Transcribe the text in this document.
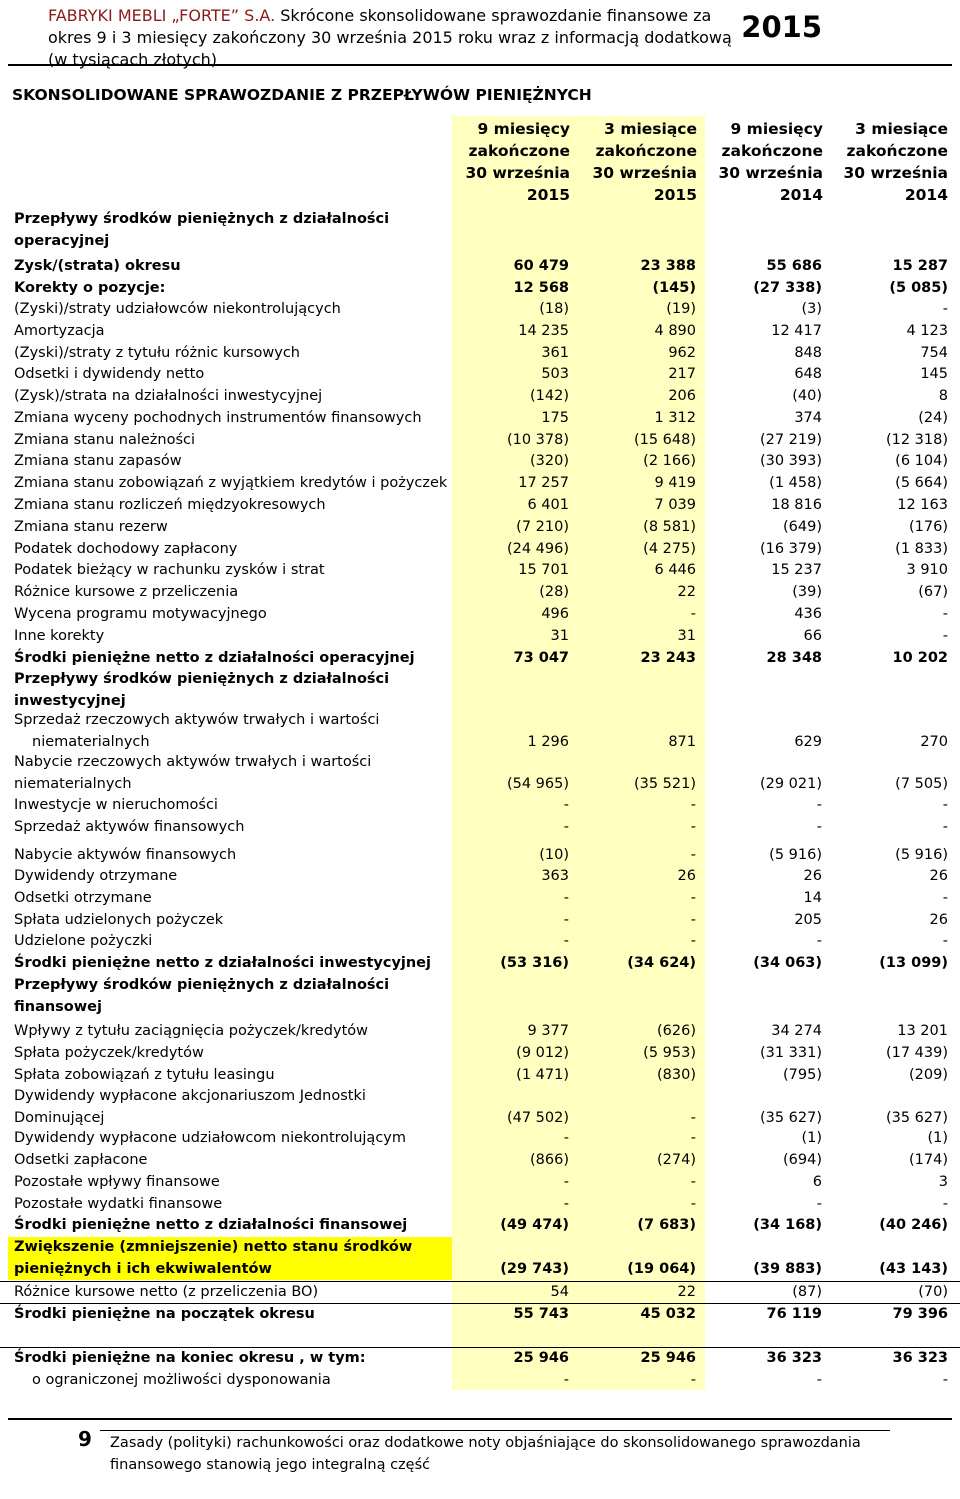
FABRYKI MEBLI „FORTE” S.A. Skrócone skonsolidowane sprawozdanie finansowe za okres 9 i 3 miesięcy zakończony 30 września 2015 roku wraz z informacją dodatkową (w tysiącach złotych)
2015
SKONSOLIDOWANE SPRAWOZDANIE Z PRZEPŁYWÓW PIENIĘŻNYCH
9 miesięcy
zakończone
30 września
2015
3 miesiące
zakończone
30 września
2015
9 miesięcy
zakończone
30 września
2014
3 miesiące
zakończone
30 września
2014
Przepływy środków pieniężnych z działalności operacyjnej
Zysk/(strata) okresu	60 479	23 388	55 686	15 287
Korekty o pozycje:	12 568	(145)	(27 338)	(5 085)
(Zyski)/straty udziałowców niekontrolujących	(18)	(19)	(3)	-
Amortyzacja	14 235	4 890	12 417	4 123
(Zyski)/straty z tytułu różnic kursowych	361	962	848	754
Odsetki i dywidendy netto	503	217	648	145
(Zysk)/strata na działalności inwestycyjnej	(142)	206	(40)	8
Zmiana wyceny pochodnych instrumentów finansowych	175	1 312	374	(24)
Zmiana stanu należności	(10 378)	(15 648)	(27 219)	(12 318)
Zmiana stanu zapasów	(320)	(2 166)	(30 393)	(6 104)
Zmiana stanu zobowiązań z wyjątkiem kredytów i pożyczek	17 257	9 419	(1 458)	(5 664)
Zmiana stanu rozliczeń międzyokresowych	6 401	7 039	18 816	12 163
Zmiana stanu rezerw	(7 210)	(8 581)	(649)	(176)
Podatek dochodowy zapłacony	(24 496)	(4 275)	(16 379)	(1 833)
Podatek bieżący w rachunku zysków i strat	15 701	6 446	15 237	3 910
Różnice kursowe z przeliczenia	(28)	22	(39)	(67)
Wycena programu motywacyjnego	496	-	436	-
Inne korekty	31	31	66	-
Środki pieniężne netto z działalności operacyjnej	73 047	23 243	28 348	10 202
Przepływy środków pieniężnych z działalności inwestycyjnej
Sprzedaż rzeczowych aktywów trwałych i wartości
niematerialnych	1 296	871	629	270
Nabycie rzeczowych aktywów trwałych i wartości
niematerialnych	(54 965)	(35 521)	(29 021)	(7 505)
Inwestycje w nieruchomości	-	-	-	-
Sprzedaż aktywów finansowych	-	-	-	-
Nabycie aktywów finansowych	(10)	-	(5 916)	(5 916)
Dywidendy otrzymane	363	26	26	26
Odsetki otrzymane	-	-	14	-
Spłata udzielonych pożyczek	-	-	205	26
Udzielone pożyczki	-	-	-	-
Środki pieniężne netto z działalności inwestycyjnej	(53 316)	(34 624)	(34 063)	(13 099)
Przepływy środków pieniężnych z działalności finansowej
Wpływy z tytułu zaciągnięcia pożyczek/kredytów	9 377	(626)	34 274	13 201
Spłata pożyczek/kredytów	(9 012)	(5 953)	(31 331)	(17 439)
Spłata zobowiązań z tytułu leasingu	(1 471)	(830)	(795)	(209)
Dywidendy wypłacone akcjonariuszom Jednostki
Dominującej	(47 502)	-	(35 627)	(35 627)
Dywidendy wypłacone udziałowcom niekontrolującym	-	-	(1)	(1)
Odsetki zapłacone	(866)	(274)	(694)	(174)
Pozostałe wpływy finansowe	-	-	6	3
Pozostałe wydatki finansowe	-	-	-	-
Środki pieniężne netto z działalności finansowej	(49 474)	(7 683)	(34 168)	(40 246)
Zwiększenie (zmniejszenie) netto stanu środków
pieniężnych i ich ekwiwalentów	(29 743)	(19 064)	(39 883)	(43 143)
Różnice kursowe netto (z przeliczenia BO)	54	22	(87)	(70)
Środki pieniężne na początek okresu	55 743	45 032	76 119	79 396
Środki pieniężne na koniec okresu , w tym:	25 946	25 946	36 323	36 323
o ograniczonej możliwości dysponowania	-	-	-	-
9 Zasady (polityki) rachunkowości oraz dodatkowe noty objaśniające do skonsolidowanego sprawozdania finansowego stanowią jego integralną część
